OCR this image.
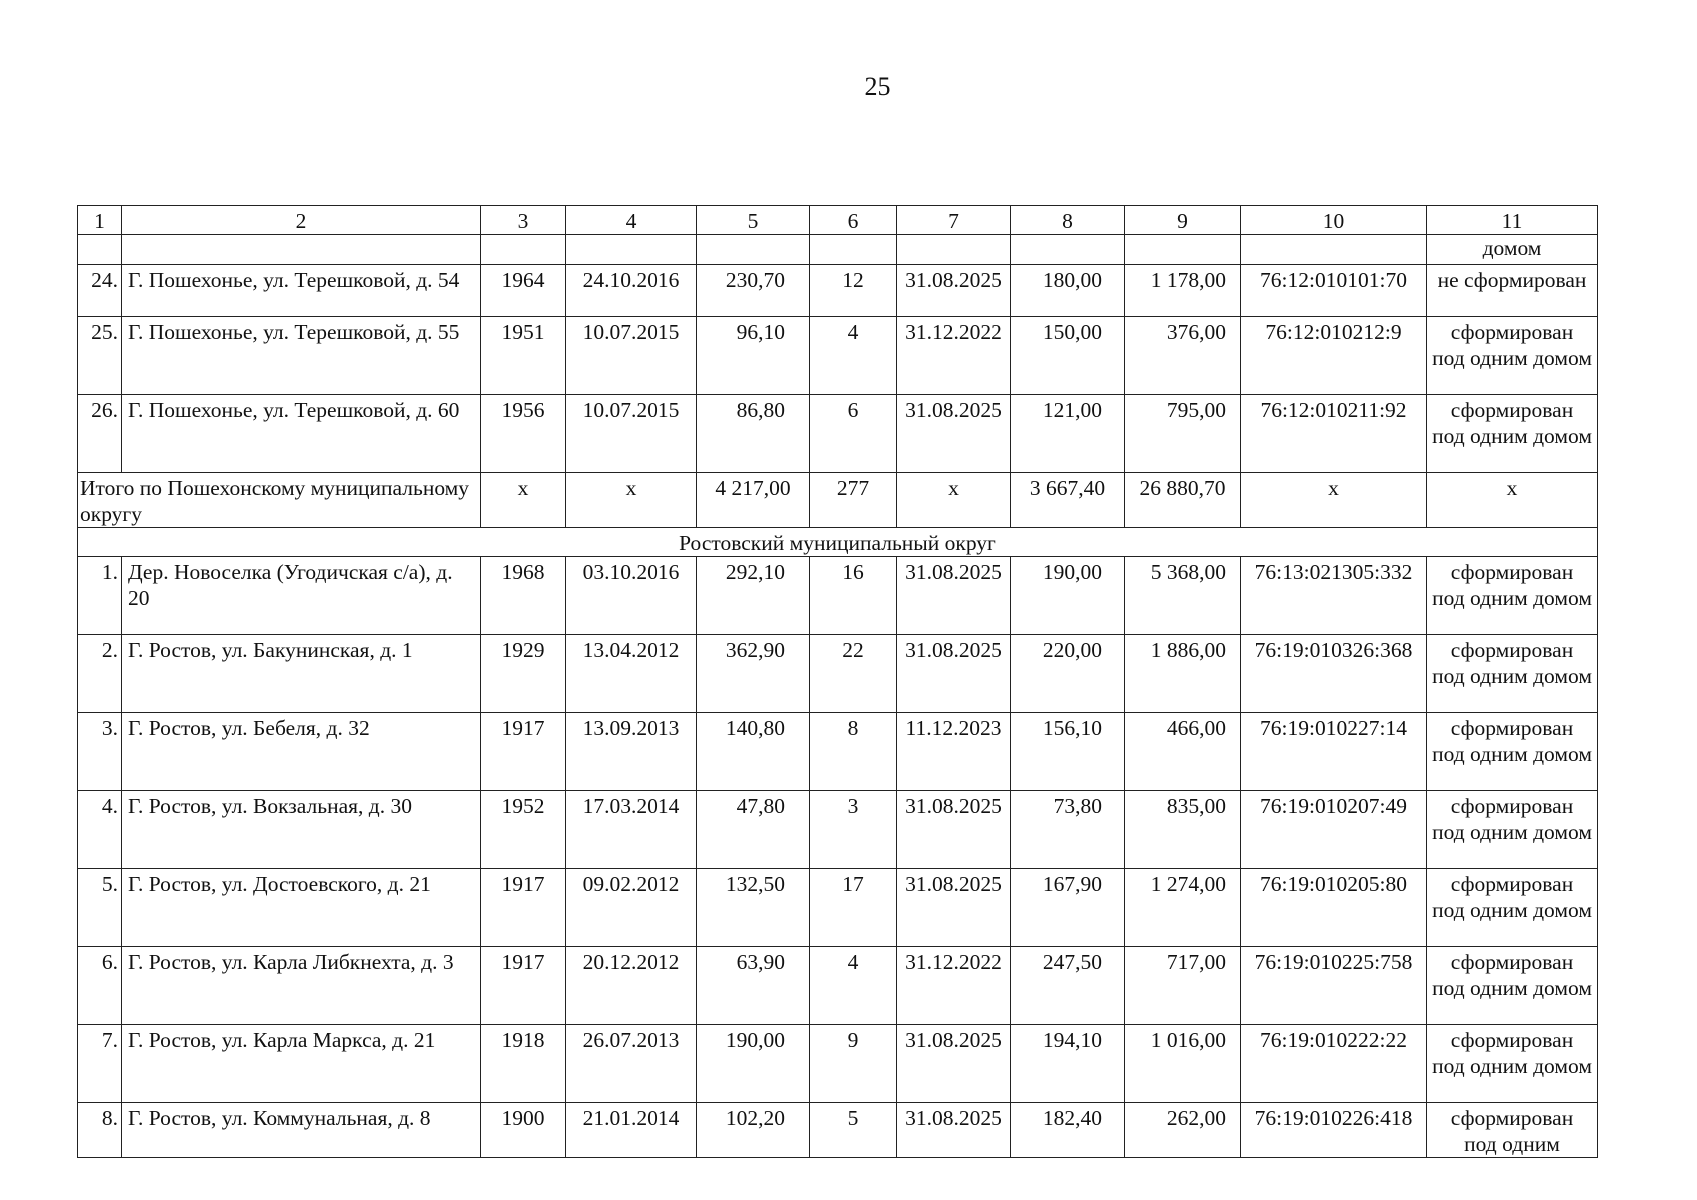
25
1	2	3	4	5	6	7	8	9	10	11
										домом
24.	Г. Пошехонье, ул. Терешковой, д. 54	1964	24.10.2016	230,70	12	31.08.2025	180,00	1 178,00	76:12:010101:70	не сформирован
25.	Г. Пошехонье, ул. Терешковой, д. 55	1951	10.07.2015	96,10	4	31.12.2022	150,00	376,00	76:12:010212:9	сформирован под одним домом
26.	Г. Пошехонье, ул. Терешковой, д. 60	1956	10.07.2015	86,80	6	31.08.2025	121,00	795,00	76:12:010211:92	сформирован под одним домом
Итого по Пошехонскому муниципальному округу		х	х	4 217,00	277	х	3 667,40	26 880,70	х	х
Ростовский муниципальный округ										
1.	Дер. Новоселка (Угодичская с/а), д. 20	1968	03.10.2016	292,10	16	31.08.2025	190,00	5 368,00	76:13:021305:332	сформирован под одним домом
2.	Г. Ростов, ул. Бакунинская, д. 1	1929	13.04.2012	362,90	22	31.08.2025	220,00	1 886,00	76:19:010326:368	сформирован под одним домом
3.	Г. Ростов, ул. Бебеля, д. 32	1917	13.09.2013	140,80	8	11.12.2023	156,10	466,00	76:19:010227:14	сформирован под одним домом
4.	Г. Ростов, ул. Вокзальная, д. 30	1952	17.03.2014	47,80	3	31.08.2025	73,80	835,00	76:19:010207:49	сформирован под одним домом
5.	Г. Ростов, ул. Достоевского, д. 21	1917	09.02.2012	132,50	17	31.08.2025	167,90	1 274,00	76:19:010205:80	сформирован под одним домом
6.	Г. Ростов, ул. Карла Либкнехта, д. 3	1917	20.12.2012	63,90	4	31.12.2022	247,50	717,00	76:19:010225:758	сформирован под одним домом
7.	Г. Ростов, ул. Карла Маркса, д. 21	1918	26.07.2013	190,00	9	31.08.2025	194,10	1 016,00	76:19:010222:22	сформирован под одним домом
8.	Г. Ростов, ул. Коммунальная, д. 8	1900	21.01.2014	102,20	5	31.08.2025	182,40	262,00	76:19:010226:418	сформирован под одним
